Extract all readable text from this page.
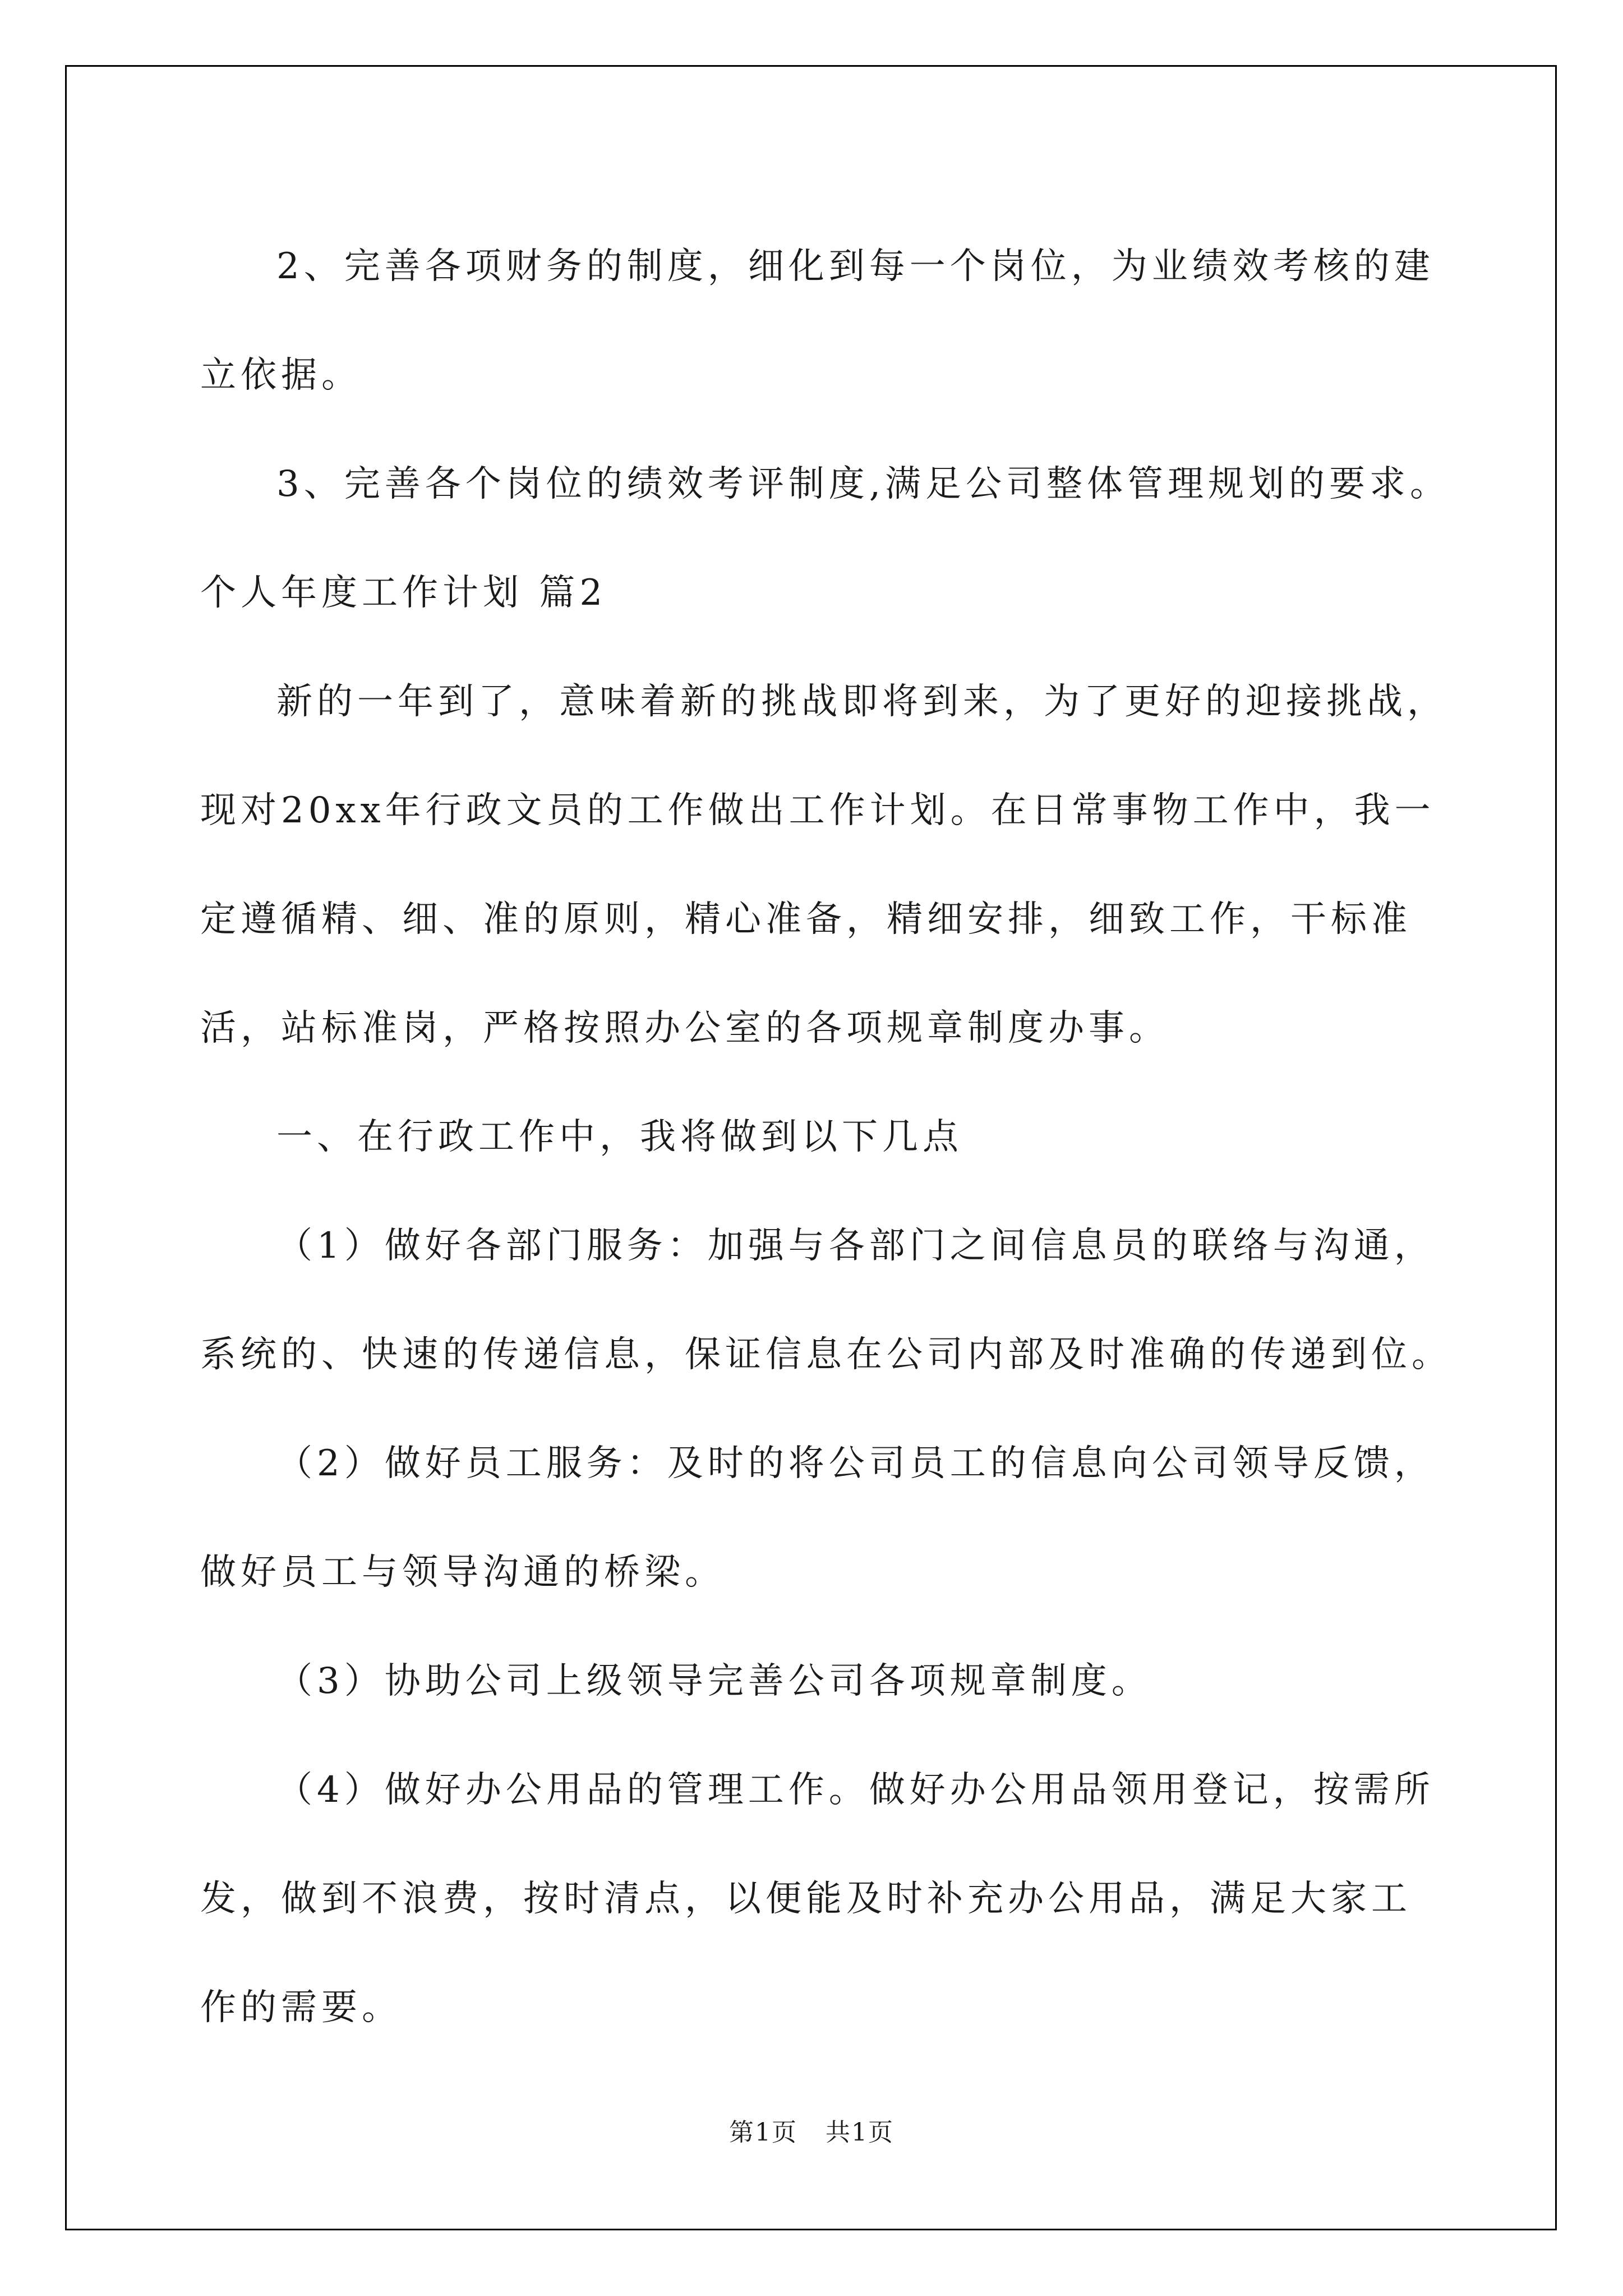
2、完善各项财务的制度，细化到每一个岗位，为业绩效考核的建

立依据。

3、完善各个岗位的绩效考评制度,满足公司整体管理规划的要求。

个人年度工作计划 篇2

新的一年到了，意味着新的挑战即将到来，为了更好的迎接挑战，

现对20xx年行政文员的工作做出工作计划。在日常事物工作中，我一

定遵循精、细、准的原则，精心准备，精细安排，细致工作，干标准

活，站标准岗，严格按照办公室的各项规章制度办事。

一、在行政工作中，我将做到以下几点

（1）做好各部门服务：加强与各部门之间信息员的联络与沟通，

系统的、快速的传递信息，保证信息在公司内部及时准确的传递到位。

（2）做好员工服务：及时的将公司员工的信息向公司领导反馈，

做好员工与领导沟通的桥梁。

（3）协助公司上级领导完善公司各项规章制度。

（4）做好办公用品的管理工作。做好办公用品领用登记，按需所

发，做到不浪费，按时清点，以便能及时补充办公用品，满足大家工

作的需要。

第1页 共1页
